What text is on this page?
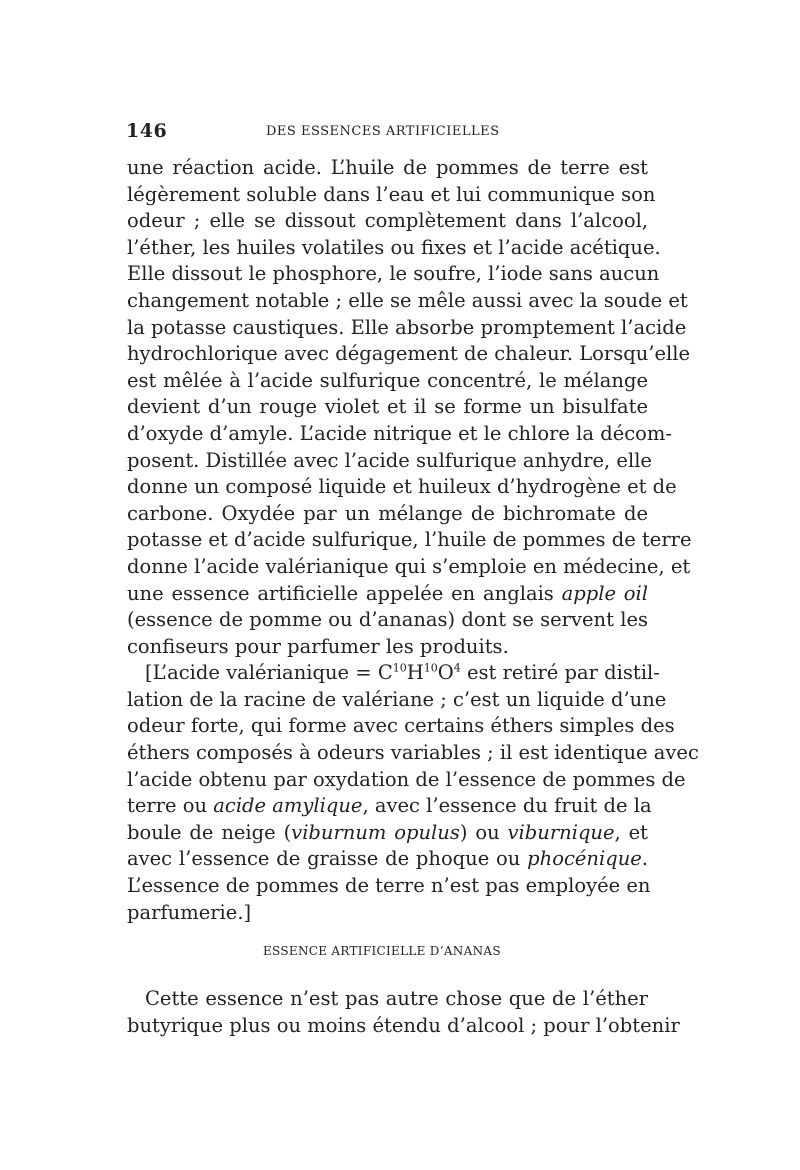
146	DES ESSENCES ARTIFICIELLES
une réaction acide. L’huile de pommes de terre est
légèrement soluble dans l’eau et lui communique son
odeur ; elle se dissout complètement dans l’alcool,
l’éther, les huiles volatiles ou fixes et l’acide acétique.
Elle dissout le phosphore, le soufre, l’iode sans aucun
changement notable ; elle se mêle aussi avec la soude et
la potasse caustiques. Elle absorbe promptement l’acide
hydrochlorique avec dégagement de chaleur. Lorsqu’elle
est mêlée à l’acide sulfurique concentré, le mélange
devient d’un rouge violet et il se forme un bisulfate
d’oxyde d’amyle. L’acide nitrique et le chlore la décom-
posent. Distillée avec l’acide sulfurique anhydre, elle
donne un composé liquide et huileux d’hydrogène et de
carbone. Oxydée par un mélange de bichromate de
potasse et d’acide sulfurique, l’huile de pommes de terre
donne l’acide valérianique qui s’emploie en médecine, et
une essence artificielle appelée en anglais apple oil
(essence de pomme ou d’ananas) dont se servent les
confiseurs pour parfumer les produits.
[L’acide valérianique = $C^{10}H^{10}O^4$ est retiré par distil-
lation de la racine de valériane ; c’est un liquide d’une
odeur forte, qui forme avec certains éthers simples des
éthers composés à odeurs variables ; il est identique avec
l’acide obtenu par oxydation de l’essence de pommes de
terre ou acide amylique, avec l’essence du fruit de la
boule de neige (viburnum opulus) ou viburnique, et
avec l’essence de graisse de phoque ou phocénique.
L’essence de pommes de terre n’est pas employée en
parfumerie.]
ESSENCE ARTIFICIELLE D’ANANAS
Cette essence n’est pas autre chose que de l’éther
butyrique plus ou moins étendu d’alcool ; pour l’obtenir
